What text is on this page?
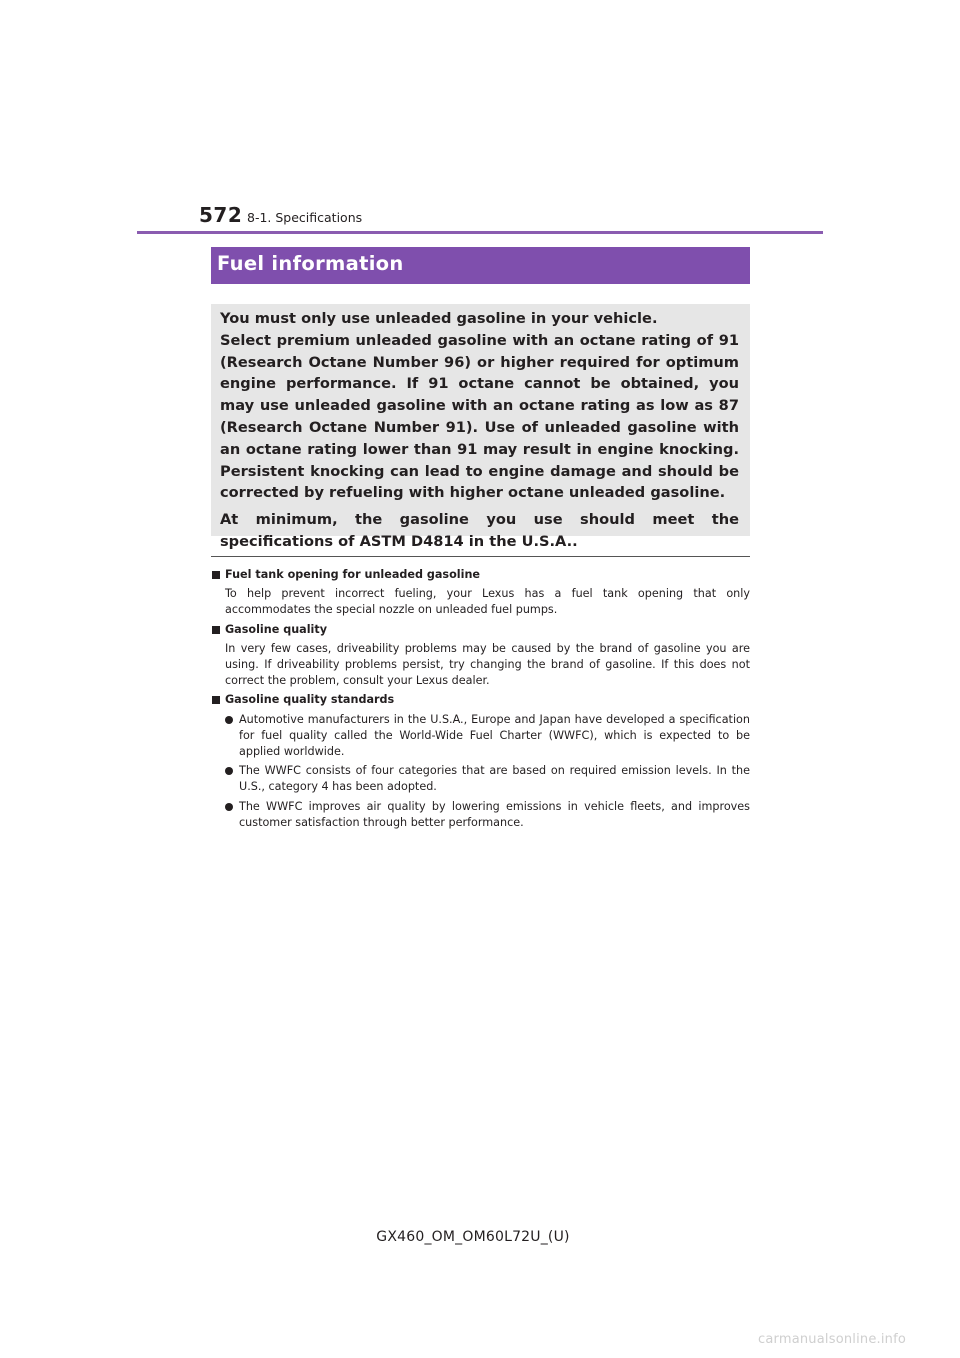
572 8-1. Specifications
Fuel information

You must only use unleaded gasoline in your vehicle.

Select premium unleaded gasoline with an octane rating of 91 (Research Octane Number 96) or higher required for optimum engine performance. If 91 octane cannot be obtained, you may use unleaded gasoline with an octane rating as low as 87 (Research Octane Number 91). Use of unleaded gasoline with an octane rating lower than 91 may result in engine knocking. Persistent knocking can lead to engine damage and should be corrected by refueling with higher octane unleaded gasoline.

At minimum, the gasoline you use should meet the specifications of ASTM D4814 in the U.S.A..

Fuel tank opening for unleaded gasoline
To help prevent incorrect fueling, your Lexus has a fuel tank opening that only accommodates the special nozzle on unleaded fuel pumps.
Gasoline quality
In very few cases, driveability problems may be caused by the brand of gasoline you are using. If driveability problems persist, try changing the brand of gasoline. If this does not correct the problem, consult your Lexus dealer.
Gasoline quality standards
Automotive manufacturers in the U.S.A., Europe and Japan have developed a specification for fuel quality called the World-Wide Fuel Charter (WWFC), which is expected to be applied worldwide.
The WWFC consists of four categories that are based on required emission levels. In the U.S., category 4 has been adopted.
The WWFC improves air quality by lowering emissions in vehicle fleets, and improves customer satisfaction through better performance.
GX460_OM_OM60L72U_(U)
carmanualsonline.info
